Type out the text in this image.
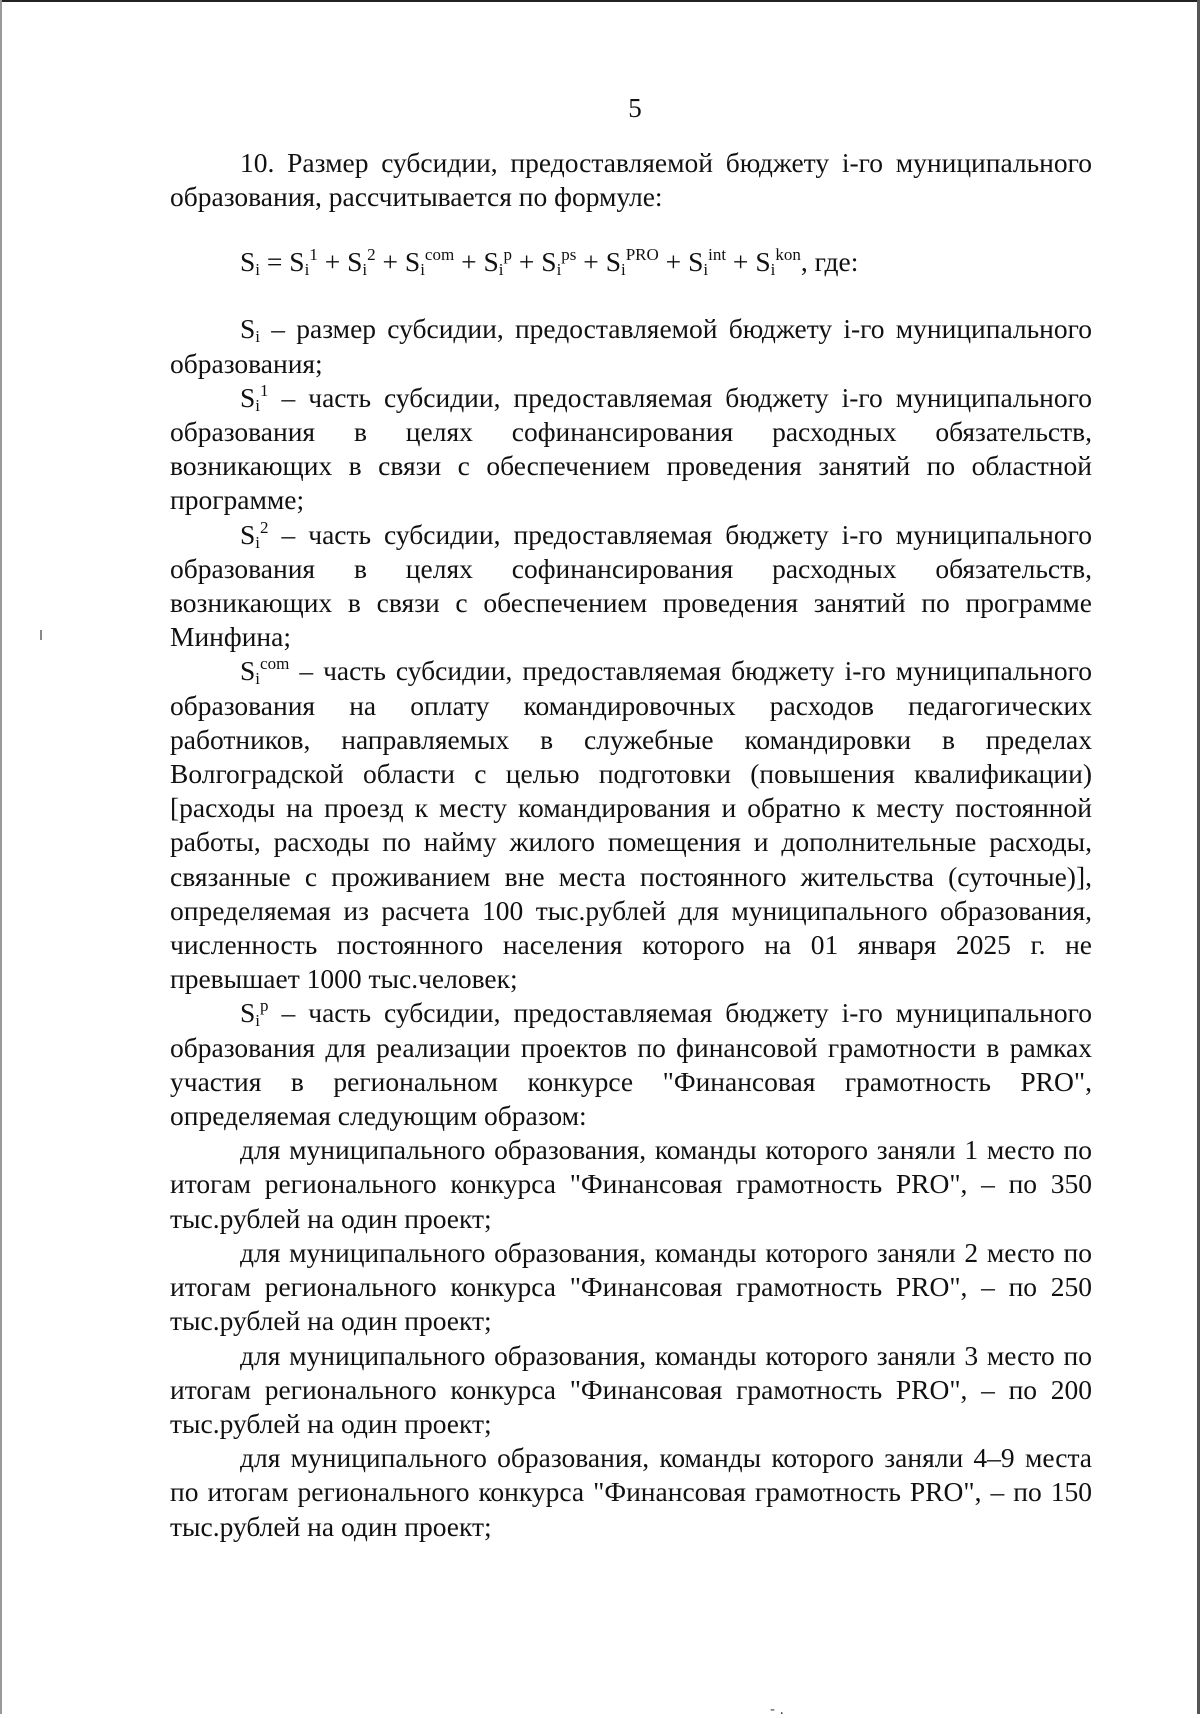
5

10. Размер субсидии, предоставляемой бюджету i-го муниципального образования, рассчитывается по формуле:

$S_i = S_i^1 + S_i^2 + S_i^{com} + S_i^p + S_i^{ps} + S_i^{PRO} + S_i^{int} + S_i^{kon}$, где:

$S_i$ – размер субсидии, предоставляемой бюджету i-го муниципального образования;

$S_i^1$ – часть субсидии, предоставляемая бюджету i-го муниципального образования в целях софинансирования расходных обязательств, возникающих в связи с обеспечением проведения занятий по областной программе;

$S_i^2$ – часть субсидии, предоставляемая бюджету i-го муниципального образования в целях софинансирования расходных обязательств, возникающих в связи с обеспечением проведения занятий по программе Минфина;

$S_i^{com}$ – часть субсидии, предоставляемая бюджету i-го муниципального образования на оплату командировочных расходов педагогических работников, направляемых в служебные командировки в пределах Волгоградской области с целью подготовки (повышения квалификации) [расходы на проезд к месту командирования и обратно к месту постоянной работы, расходы по найму жилого помещения и дополнительные расходы, связанные с проживанием вне места постоянного жительства (суточные)], определяемая из расчета 100 тыс.рублей для муниципального образования, численность постоянного населения которого на 01 января 2025 г. не превышает 1000 тыс.человек;

$S_i^p$ – часть субсидии, предоставляемая бюджету i-го муниципального образования для реализации проектов по финансовой грамотности в рамках участия в региональном конкурсе "Финансовая грамотность PRO", определяемая следующим образом:

для муниципального образования, команды которого заняли 1 место по итогам регионального конкурса "Финансовая грамотность PRO", – по 350 тыс.рублей на один проект;

для муниципального образования, команды которого заняли 2 место по итогам регионального конкурса "Финансовая грамотность PRO", – по 250 тыс.рублей на один проект;

для муниципального образования, команды которого заняли 3 место по итогам регионального конкурса "Финансовая грамотность PRO", – по 200 тыс.рублей на один проект;

для муниципального образования, команды которого заняли 4–9 места по итогам регионального конкурса "Финансовая грамотность PRO", – по 150 тыс.рублей на один проект;

- .
